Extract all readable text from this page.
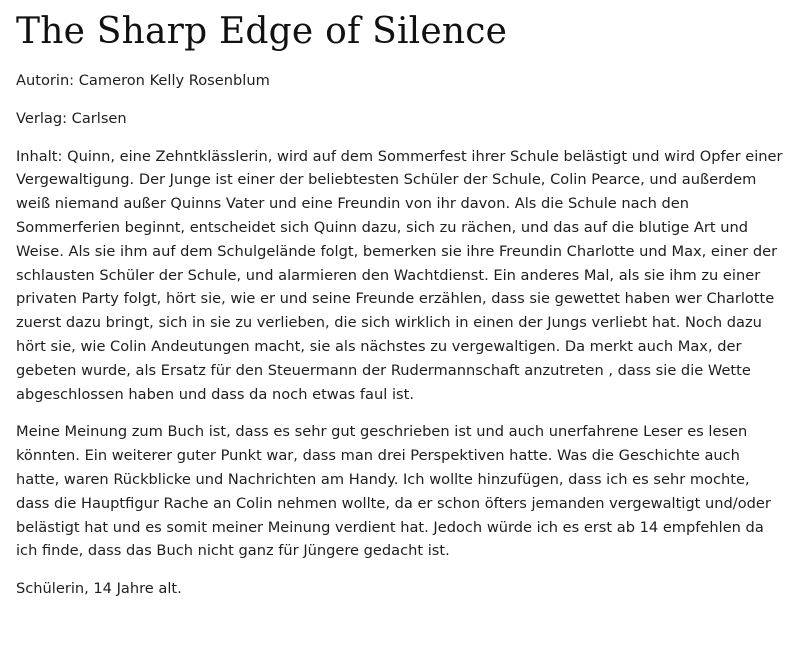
The Sharp Edge of Silence

Autorin: Cameron Kelly Rosenblum

Verlag: Carlsen

Inhalt: Quinn, eine Zehntklässlerin, wird auf dem Sommerfest ihrer Schule belästigt und wird Opfer einer Vergewaltigung. Der Junge ist einer der beliebtesten Schüler der Schule, Colin Pearce, und außerdem weiß niemand außer Quinns Vater und eine Freundin von ihr davon. Als die Schule nach den Sommerferien beginnt, entscheidet sich Quinn dazu, sich zu rächen, und das auf die blutige Art und Weise. Als sie ihm auf dem Schulgelände folgt, bemerken sie ihre Freundin Charlotte und Max, einer der schlausten Schüler der Schule, und alarmieren den Wachtdienst. Ein anderes Mal, als sie ihm zu einer privaten Party folgt, hört sie, wie er und seine Freunde erzählen, dass sie gewettet haben wer Charlotte zuerst dazu bringt, sich in sie zu verlieben, die sich wirklich in einen der Jungs verliebt hat. Noch dazu hört sie, wie Colin Andeutungen macht, sie als nächstes zu vergewaltigen. Da merkt auch Max, der gebeten wurde, als Ersatz für den Steuermann der Rudermannschaft anzutreten , dass sie die Wette abgeschlossen haben und dass da noch etwas faul ist.

Meine Meinung zum Buch ist, dass es sehr gut geschrieben ist und auch unerfahrene Leser es lesen könnten. Ein weiterer guter Punkt war, dass man drei Perspektiven hatte. Was die Geschichte auch hatte, waren Rückblicke und Nachrichten am Handy. Ich wollte hinzufügen, dass ich es sehr mochte, dass die Hauptfigur Rache an Colin nehmen wollte, da er schon öfters jemanden vergewaltigt und/oder belästigt hat und es somit meiner Meinung verdient hat. Jedoch würde ich es erst ab 14 empfehlen da ich finde, dass das Buch nicht ganz für Jüngere gedacht ist.

Schülerin, 14 Jahre alt.
